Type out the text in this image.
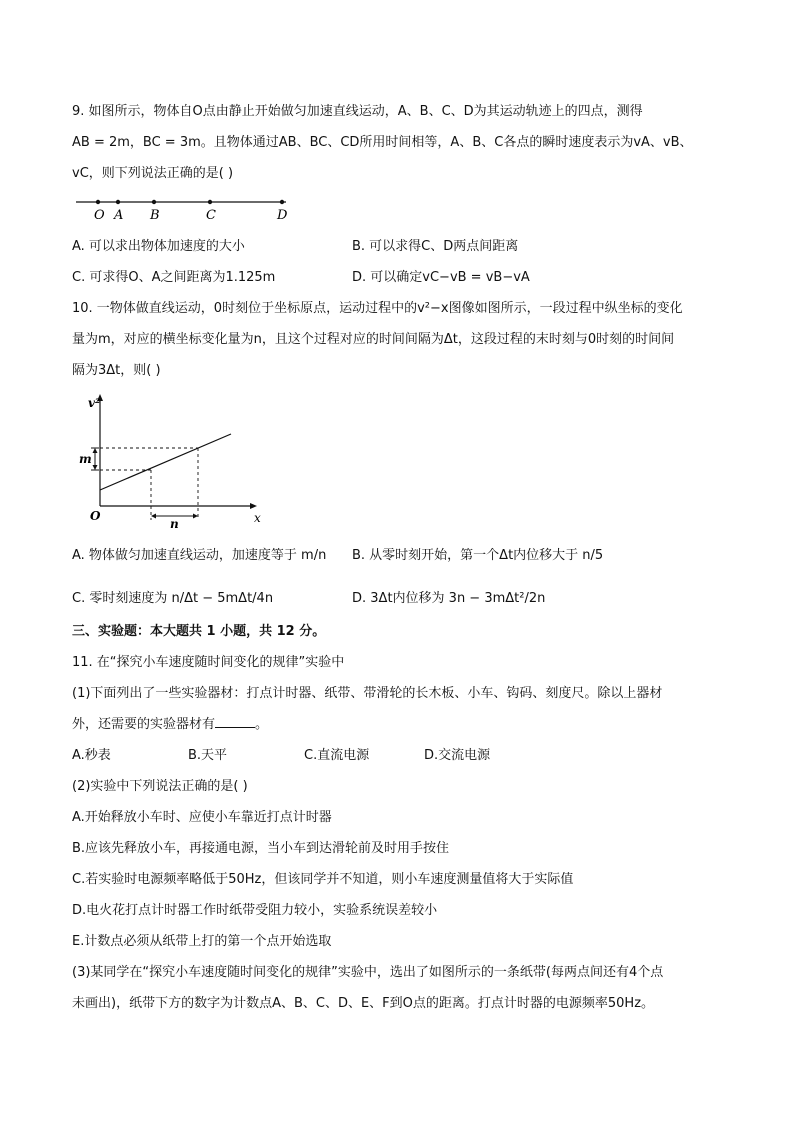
9. 如图所示，物体自O点由静止开始做匀加速直线运动，A、B、C、D为其运动轨迹上的四点，测得
AB = 2m，BC = 3m。且物体通过AB、BC、CD所用时间相等，A、B、C各点的瞬时速度表示为vA、vB、
vC，则下列说法正确的是( )
O A B	C	D
A. 可以求出物体加速度的大小	B. 可以求得C、D两点间距离
C. 可求得O、A之间距离为1.125m	D. 可以确定vC−vB = vB−vA
10. 一物体做直线运动，0时刻位于坐标原点，运动过程中的v²−x图像如图所示，一段过程中纵坐标的变化
量为m，对应的横坐标变化量为n，且这个过程对应的时间间隔为Δt，这段过程的末时刻与0时刻的时间间
隔为3Δt，则( )
v²
x
O
m
n
A. 物体做匀加速直线运动，加速度等于 m/n B. 从零时刻开始，第一个Δt内位移大于 n/5
C. 零时刻速度为 n/Δt − 5mΔt/4n	D. 3Δt内位移为 3n − 3mΔt²/2n
三、实验题：本大题共 1 小题，共 12 分。
11. 在“探究小车速度随时间变化的规律”实验中
(1)下面列出了一些实验器材：打点计时器、纸带、带滑轮的长木板、小车、钩码、刻度尺。除以上器材
外，还需要的实验器材有	。
A.秒表	B.天平	C.直流电源	D.交流电源
(2)实验中下列说法正确的是( )
A.开始释放小车时、应使小车靠近打点计时器
B.应该先释放小车，再接通电源，当小车到达滑轮前及时用手按住
C.若实验时电源频率略低于50Hz，但该同学并不知道，则小车速度测量值将大于实际值
D.电火花打点计时器工作时纸带受阻力较小，实验系统误差较小
E.计数点必须从纸带上打的第一个点开始选取
(3)某同学在“探究小车速度随时间变化的规律”实验中，选出了如图所示的一条纸带(每两点间还有4个点
未画出)，纸带下方的数字为计数点A、B、C、D、E、F到O点的距离。打点计时器的电源频率50Hz。
